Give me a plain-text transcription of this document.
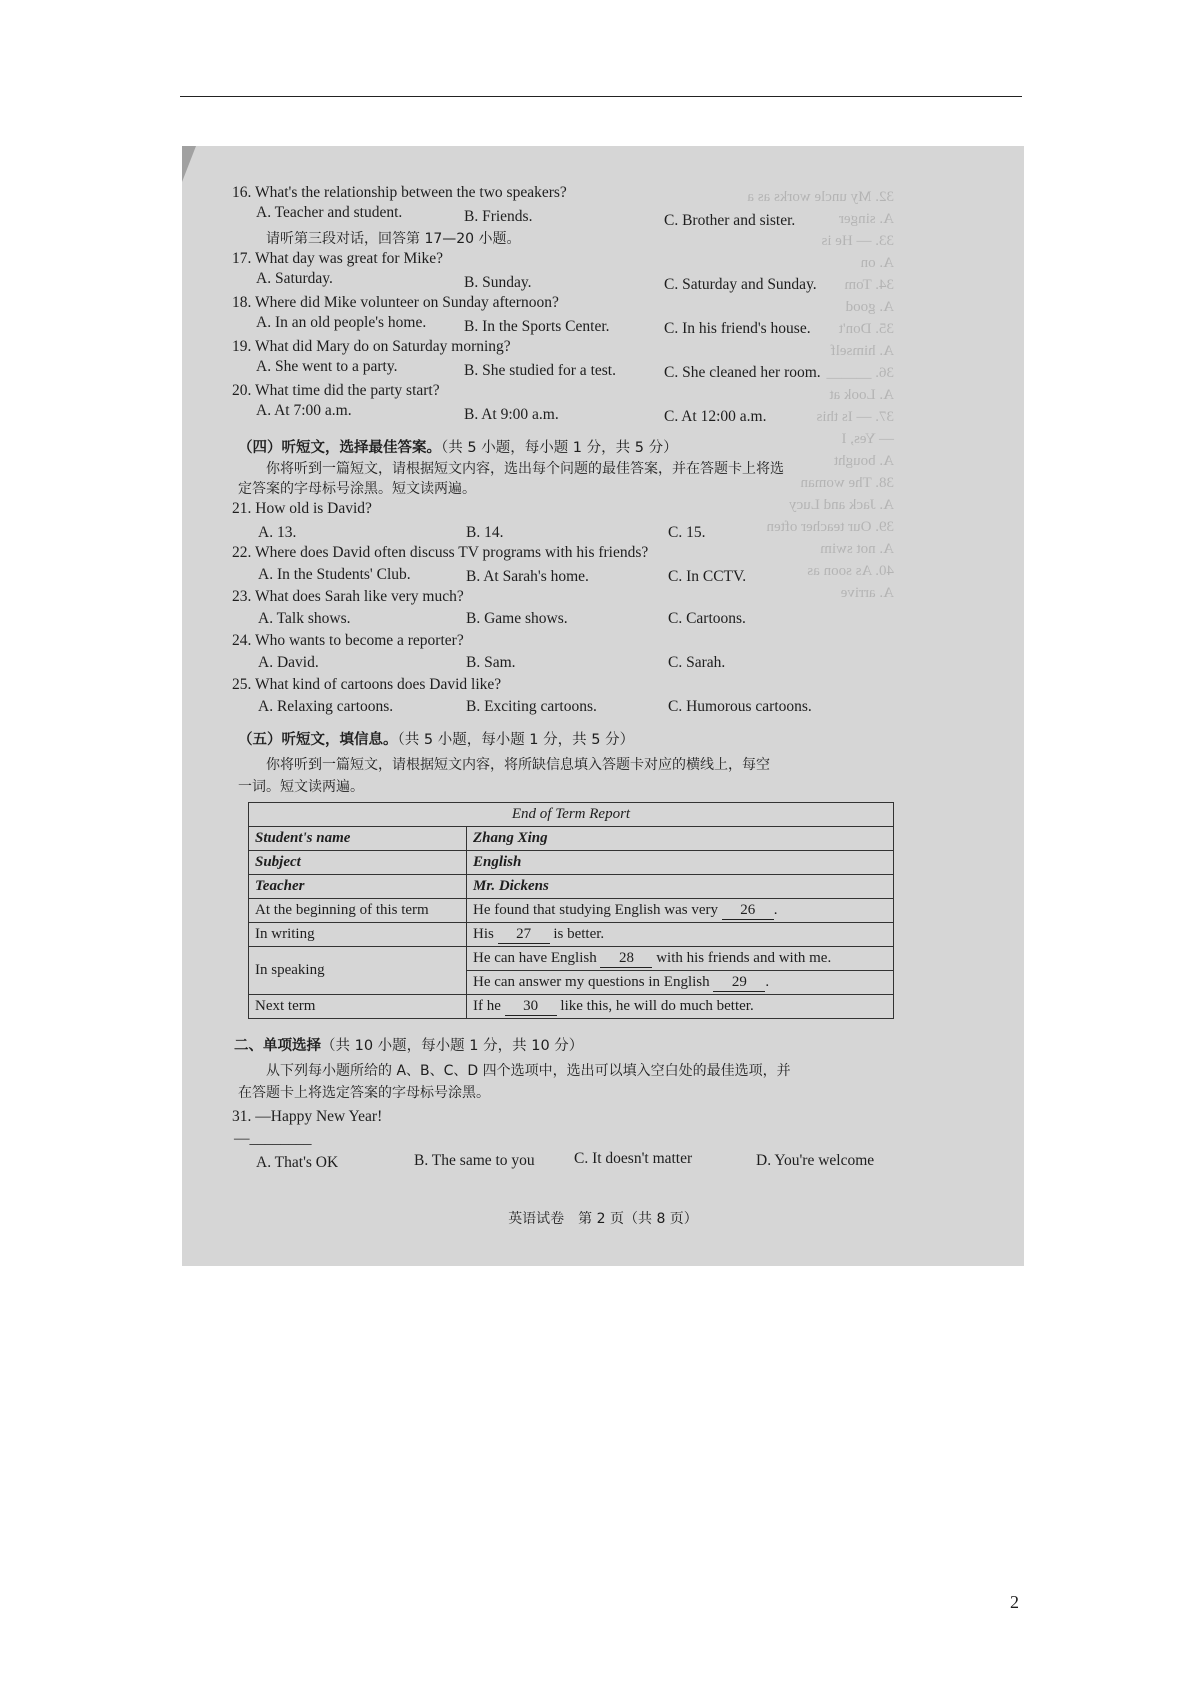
32. My uncle works as a
A. singer
33. — He is
A. on
34. Tom
A. good
35. Don't
A. himself
36. ______
A. Look at
37. — Is this
— Yes, I
A. bought
38. The woman
A. Jack and Lucy
39. Our teacher often
A. not swim
40. As soon as
A. arrive
16. What's the relationship between the two speakers?
A. Teacher and student.	B. Friends.	C. Brother and sister.
请听第三段对话，回答第 17—20 小题。
17. What day was great for Mike?
A. Saturday.	B. Sunday.	C. Saturday and Sunday.
18. Where did Mike volunteer on Sunday afternoon?
A. In an old people's home. B. In the Sports Center.	C. In his friend's house.
19. What did Mary do on Saturday morning?
A. She went to a party.	B. She studied for a test.	C. She cleaned her room.
20. What time did the party start?
A. At 7:00 a.m.	B. At 9:00 a.m.	C. At 12:00 a.m.
（四）听短文，选择最佳答案。（共 5 小题，每小题 1 分，共 5 分）
你将听到一篇短文，请根据短文内容，选出每个问题的最佳答案，并在答题卡上将选
定答案的字母标号涂黑。短文读两遍。
21. How old is David?
A. 13.	B. 14.	C. 15.
22. Where does David often discuss TV programs with his friends?
A. In the Students' Club.	B. At Sarah's home.	C. In CCTV.
23. What does Sarah like very much?
A. Talk shows.	B. Game shows.	C. Cartoons.
24. Who wants to become a reporter?
A. David.	B. Sam.	C. Sarah.
25. What kind of cartoons does David like?
A. Relaxing cartoons.	B. Exciting cartoons.	C. Humorous cartoons.
（五）听短文，填信息。（共 5 小题，每小题 1 分，共 5 分）
你将听到一篇短文，请根据短文内容，将所缺信息填入答题卡对应的横线上，每空
一词。短文读两遍。
End of Term Report	
Student's name	Zhang Xing
Subject	English
Teacher	Mr. Dickens
At the beginning of this term	He found that studying English was very 26 .
In writing	His 27 is better.
In speaking	He can have English 28 with his friends and with me.
	He can answer my questions in English 29 .
Next term	If he 30 like this, he will do much better.
二、单项选择（共 10 小题，每小题 1 分，共 10 分）
从下列每小题所给的 A、B、C、D 四个选项中，选出可以填入空白处的最佳选项，并
在答题卡上将选定答案的字母标号涂黑。
31. —Happy New Year!
—________
A. That's OK	B. The same to you	C. It doesn't matter	D. You're welcome
英语试卷　第 2 页（共 8 页）
2
